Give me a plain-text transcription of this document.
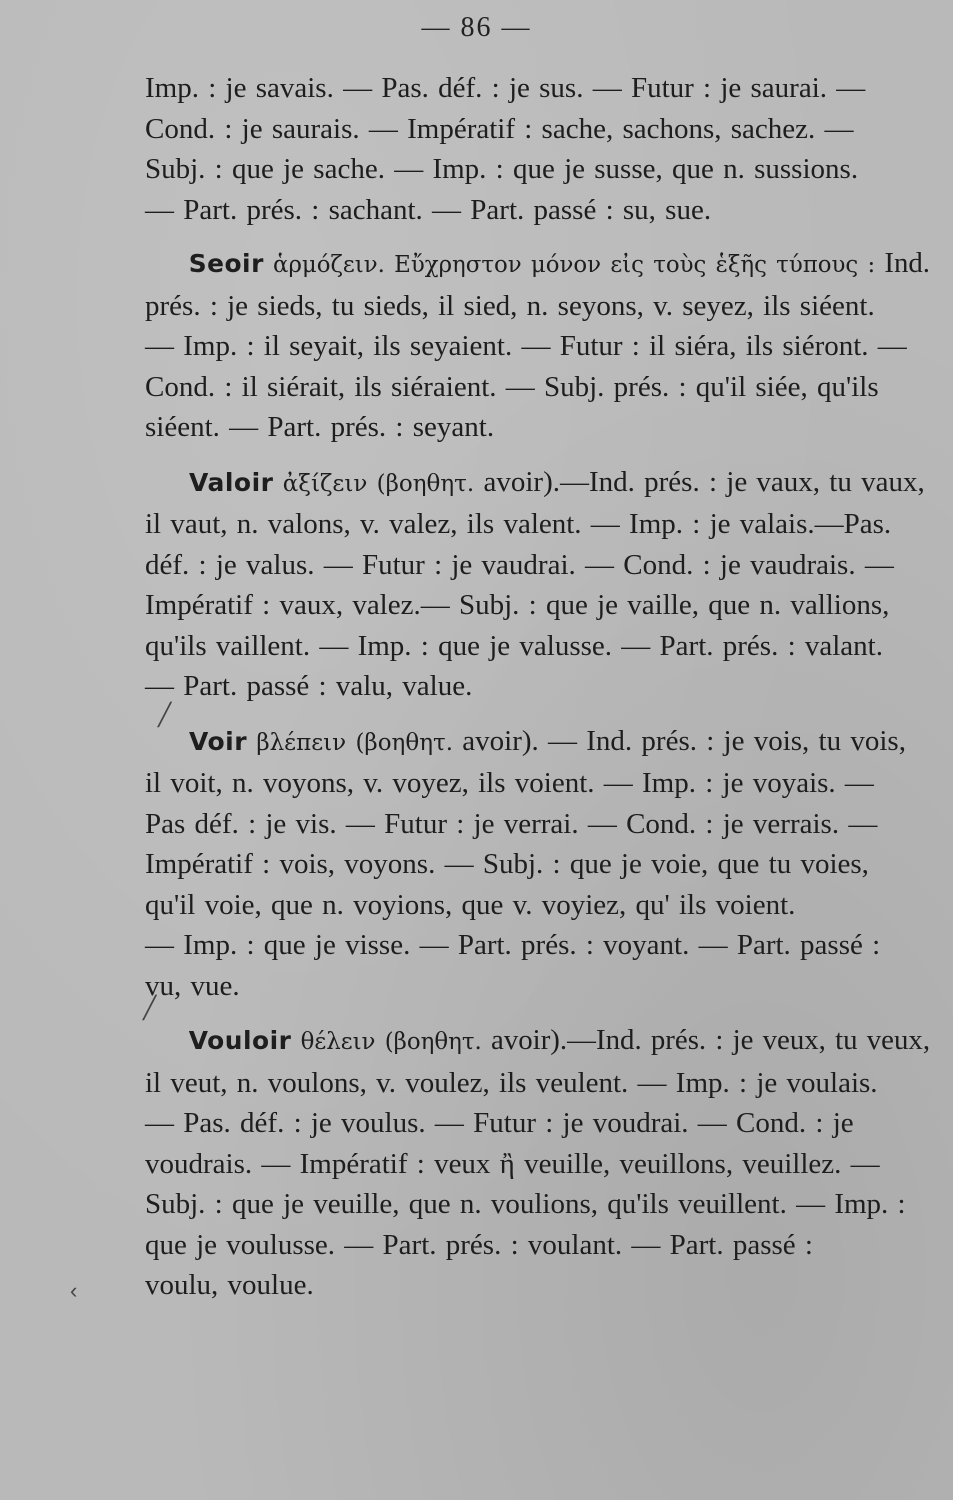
— 86 —

Imp. : je savais. — Pas. déf. : je sus. — Futur : je saurai. —
Cond. : je saurais. — Impératif : sache, sachons, sachez. —
Subj. : que je sache. — Imp. : que je susse, que n. sussions.
— Part. prés. : sachant. — Part. passé : su, sue.

Seoir ἁρμόζειν. Εὔχρηστον μόνον εἰς τοὺς ἑξῆς τύπους : Ind.
prés. : je sieds, tu sieds, il sied, n. seyons, v. seyez, ils siéent.
— Imp. : il seyait, ils seyaient. — Futur : il siéra, ils siéront. —
Cond. : il siérait, ils siéraient. — Subj. prés. : qu'il siée, qu'ils
siéent. — Part. prés. : seyant.

Valoir ἀξίζειν (βοηθητ. avoir).—Ind. prés. : je vaux, tu vaux,
il vaut, n. valons, v. valez, ils valent. — Imp. : je valais.—Pas.
déf. : je valus. — Futur : je vaudrai. — Cond. : je vaudrais. —
Impératif : vaux, valez.— Subj. : que je vaille, que n. vallions,
qu'ils vaillent. — Imp. : que je valusse. — Part. prés. : valant.
— Part. passé : valu, value.

Voir βλέπειν (βοηθητ. avoir). — Ind. prés. : je vois, tu vois,
il voit, n. voyons, v. voyez, ils voient. — Imp. : je voyais. —
Pas déf. : je vis. — Futur : je verrai. — Cond. : je verrais. —
Impératif : vois, voyons. — Subj. : que je voie, que tu voies,
qu'il voie, que n. voyions, que v. voyiez, qu' ils voient.
— Imp. : que je visse. — Part. prés. : voyant. — Part. passé :
vu, vue.

Vouloir θέλειν (βοηθητ. avoir).—Ind. prés. : je veux, tu veux,
il veut, n. voulons, v. voulez, ils veulent. — Imp. : je voulais.
— Pas. déf. : je voulus. — Futur : je voudrai. — Cond. : je
voudrais. — Impératif : veux ἢ veuille, veuillons, veuillez. —
Subj. : que je veuille, que n. voulions, qu'ils veuillent. — Imp. :
que je voulusse. — Part. prés. : voulant. — Part. passé :
voulu, voulue.

╱
╱
‹
